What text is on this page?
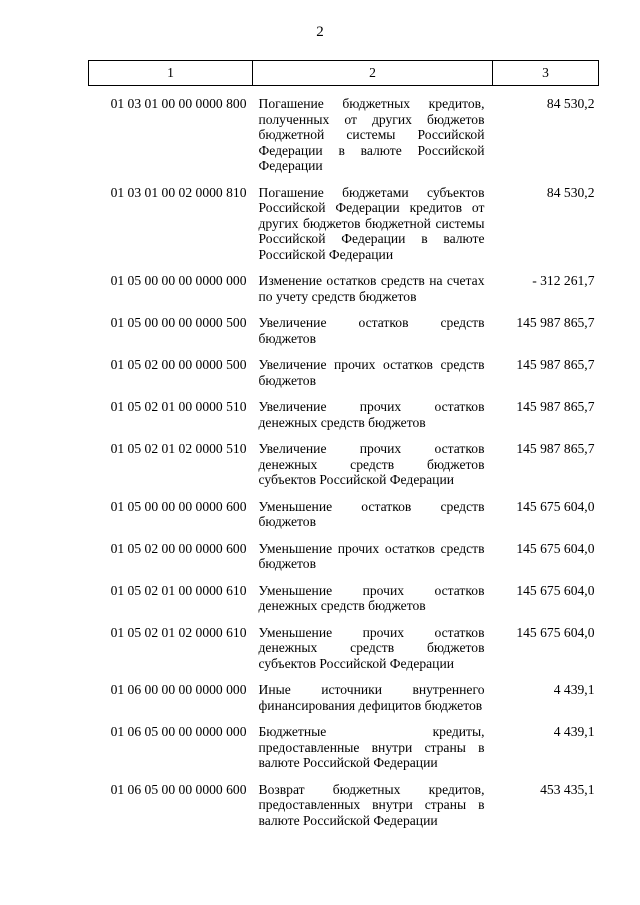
2
1	2	3

01 03 01 00 00 0000 800	Погашение бюджетных кредитов, полученных от других бюджетов бюджетной системы Российской Федерации в валюте Российской Федерации	84 530,2
01 03 01 00 02 0000 810	Погашение бюджетами субъектов Российской Федерации кредитов от других бюджетов бюджетной системы Российской Федерации в валюте Российской Федерации	84 530,2
01 05 00 00 00 0000 000	Изменение остатков средств на счетах по учету средств бюджетов	- 312 261,7
01 05 00 00 00 0000 500	Увеличение остатков средств бюджетов	145 987 865,7
01 05 02 00 00 0000 500	Увеличение прочих остатков средств бюджетов	145 987 865,7
01 05 02 01 00 0000 510	Увеличение прочих остатков денежных средств бюджетов	145 987 865,7
01 05 02 01 02 0000 510	Увеличение прочих остатков денежных средств бюджетов субъектов Российской Федерации	145 987 865,7
01 05 00 00 00 0000 600	Уменьшение остатков средств бюджетов	145 675 604,0
01 05 02 00 00 0000 600	Уменьшение прочих остатков средств бюджетов	145 675 604,0
01 05 02 01 00 0000 610	Уменьшение прочих остатков денежных средств бюджетов	145 675 604,0
01 05 02 01 02 0000 610	Уменьшение прочих остатков денежных средств бюджетов субъектов Российской Федерации	145 675 604,0
01 06 00 00 00 0000 000	Иные источники внутреннего финансирования дефицитов бюджетов	4 439,1
01 06 05 00 00 0000 000	Бюджетные кредиты, предоставленные внутри страны в валюте Российской Федерации	4 439,1
01 06 05 00 00 0000 600	Возврат бюджетных кредитов, предоставленных внутри страны в валюте Российской Федерации	453 435,1
